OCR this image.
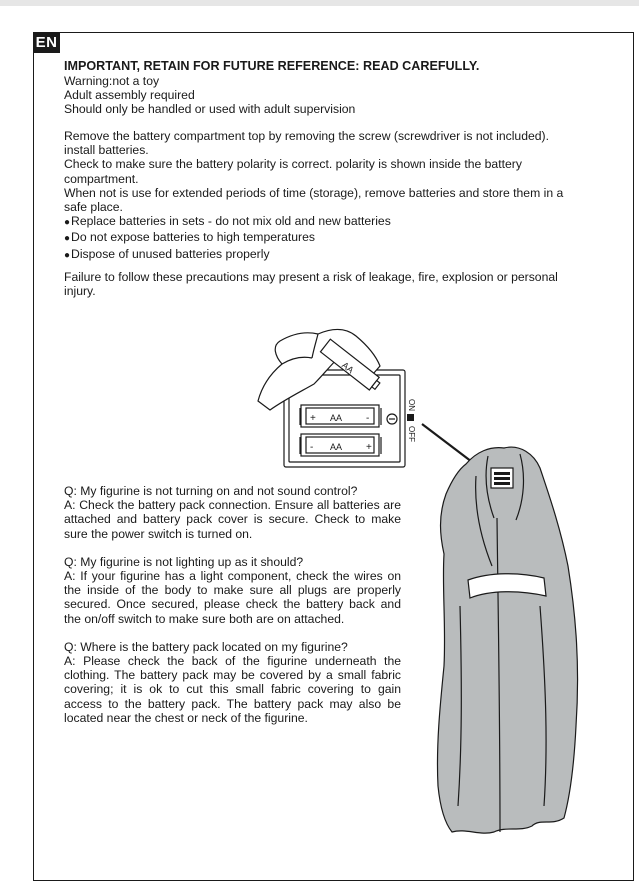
EN
IMPORTANT, RETAIN FOR FUTURE REFERENCE: READ CAREFULLY.
Warning:not a toy
Adult assembly required
Should only be handled or used with adult supervision

Remove the battery compartment top by removing the screw (screwdriver is not included). install batteries.

Check to make sure the battery polarity is correct. polarity is shown inside the battery compartment.

When not is use for extended periods of time (storage), remove batteries and store them in a safe place.

● Replace batteries in sets - do not mix old and new batteries

● Do not expose batteries to high temperatures

● Dispose of unused batteries properly

Failure to follow these precautions may present a risk of leakage, fire, explosion or personal injury.

Q: My figurine is not turning on and not sound control?

A: Check the battery pack connection. Ensure all batteries are attached and battery pack cover is secure. Check to make sure the power switch is turned on.

Q: My figurine is not lighting up as it should?

A: If your figurine has a light component, check the wires on the inside of the body to make sure all plugs are properly secured. Once secured, please check the battery back and the on/off switch to make sure both are on attached.

Q: Where is the battery pack located on my figurine?

A: Please check the back of the figurine underneath the clothing. The battery pack may be covered by a small fabric covering; it is ok to cut this small fabric covering to gain access to the battery pack. The battery pack may also be located near the chest or neck of the figurine.

AA
AA
AA
+	-
-	+
ON
OFF
